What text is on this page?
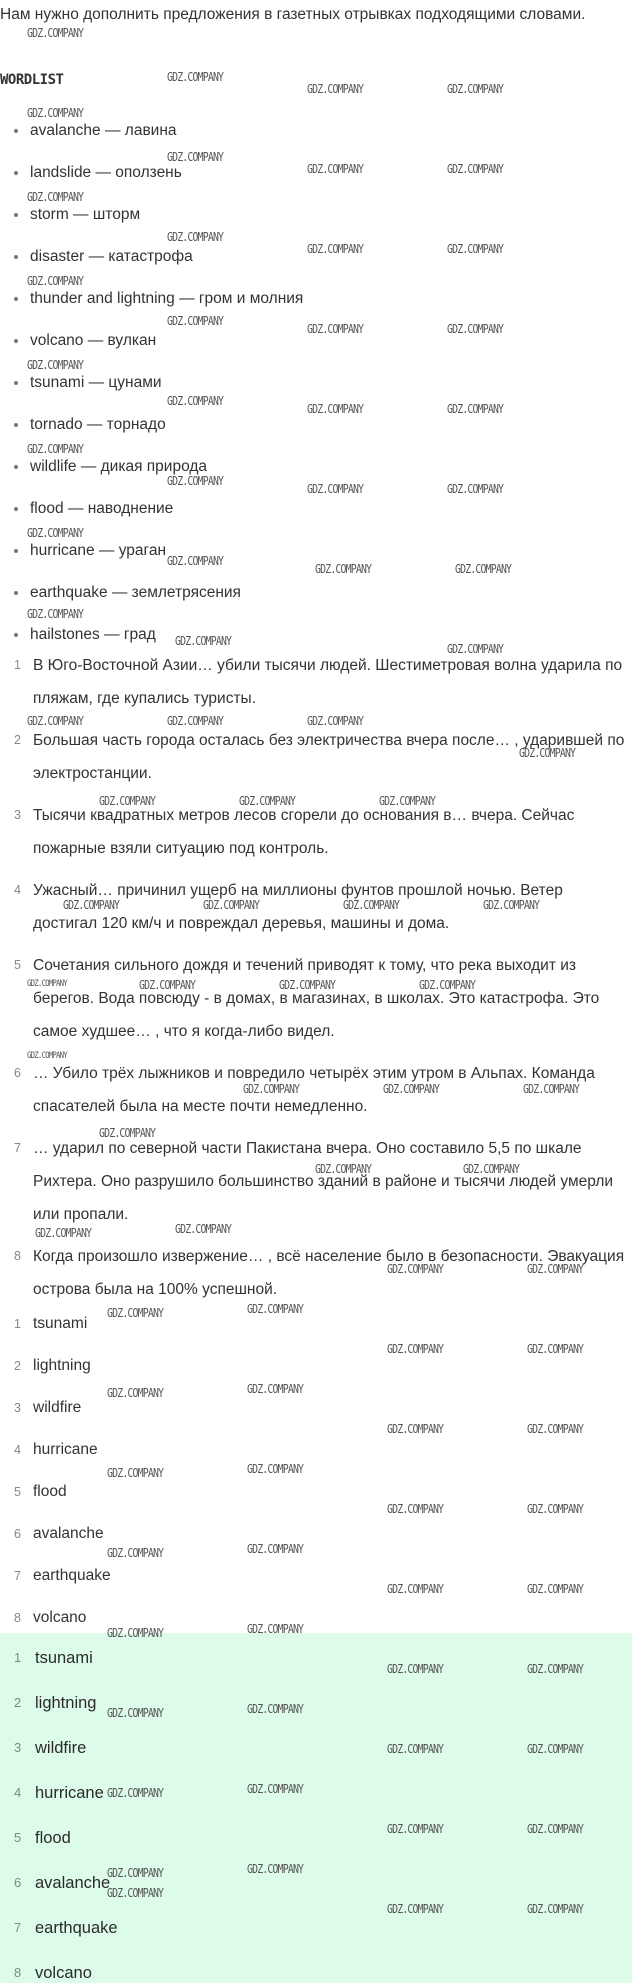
Нам нужно дополнить предложения в газетных отрывках подходящими словами.
WORDLIST
avalanche — лавина
landslide — оползень
storm — шторм
disaster — катастрофа
thunder and lightning — гром и молния
volcano — вулкан
tsunami — цунами
tornado — торнадо
wildlife — дикая природа
flood — наводнение
hurricane — ураган
earthquake — землетрясения
hailstones — град
1 В Юго-Восточной Азии… убили тысячи людей. Шестиметровая волна ударила по пляжам, где купались туристы.
2 Большая часть города осталась без электричества вчера после… , ударившей по электростанции.
3 Тысячи квадратных метров лесов сгорели до основания в… вчера. Сейчас пожарные взяли ситуацию под контроль.
4 Ужасный… причинил ущерб на миллионы фунтов прошлой ночью. Ветер достигал 120 км/ч и повреждал деревья, машины и дома.
5 Сочетания сильного дождя и течений приводят к тому, что река выходит из берегов. Вода повсюду - в домах, в магазинах, в школах. Это катастрофа. Это самое худшее… , что я когда-либо видел.
6 … Убило трёх лыжников и повредило четырёх этим утром в Альпах. Команда спасателей была на месте почти немедленно.
7 … ударил по северной части Пакистана вчера. Оно составило 5,5 по шкале Рихтера. Оно разрушило большинство зданий в районе и тысячи людей умерли или пропали.
8 Когда произошло извержение… , всё население было в безопасности. Эвакуация острова была на 100% успешной.
1 tsunami
2 lightning
3 wildfire
4 hurricane
5 flood
6 avalanche
7 earthquake
8 volcano
1 tsunami
2 lightning
3 wildfire
4 hurricane
5 flood
6 avalanche
7 earthquake
8 volcano
GDZ.COMPANY
GDZ.COMPANY
GDZ.COMPANY	GDZ.COMPANY
GDZ.COMPANY
GDZ.COMPANY
GDZ.COMPANY	GDZ.COMPANY
GDZ.COMPANY
GDZ.COMPANY
GDZ.COMPANY	GDZ.COMPANY
GDZ.COMPANY
GDZ.COMPANY
GDZ.COMPANY	GDZ.COMPANY
GDZ.COMPANY
GDZ.COMPANY
GDZ.COMPANY	GDZ.COMPANY
GDZ.COMPANY
GDZ.COMPANY
GDZ.COMPANY	GDZ.COMPANY
GDZ.COMPANY
GDZ.COMPANY
GDZ.COMPANY	GDZ.COMPANY
GDZ.COMPANY
GDZ.COMPANY
GDZ.COMPANY
GDZ.COMPANY	GDZ.COMPANY	GDZ.COMPANY
GDZ.COMPANY
GDZ.COMPANY	GDZ.COMPANY	GDZ.COMPANY
GDZ.COMPANY	GDZ.COMPANY	GDZ.COMPANY	GDZ.COMPANY
GDZ.COMPANY	GDZ.COMPANY	GDZ.COMPANY	GDZ.COMPANY
GDZ.COMPANY
GDZ.COMPANY	GDZ.COMPANY	GDZ.COMPANY
GDZ.COMPANY
GDZ.COMPANY	GDZ.COMPANY
GDZ.COMPANY	GDZ.COMPANY
GDZ.COMPANY	GDZ.COMPANY
GDZ.COMPANY	GDZ.COMPANY
GDZ.COMPANY	GDZ.COMPANY
GDZ.COMPANY	GDZ.COMPANY
GDZ.COMPANY	GDZ.COMPANY
GDZ.COMPANY	GDZ.COMPANY
GDZ.COMPANY	GDZ.COMPANY
GDZ.COMPANY	GDZ.COMPANY
GDZ.COMPANY	GDZ.COMPANY
GDZ.COMPANY	GDZ.COMPANY
GDZ.COMPANY	GDZ.COMPANY
GDZ.COMPANY	GDZ.COMPANY
GDZ.COMPANY	GDZ.COMPANY
GDZ.COMPANY	GDZ.COMPANY
GDZ.COMPANY	GDZ.COMPANY
GDZ.COMPANY	GDZ.COMPANY
GDZ.COMPANY
GDZ.COMPANY	GDZ.COMPANY
